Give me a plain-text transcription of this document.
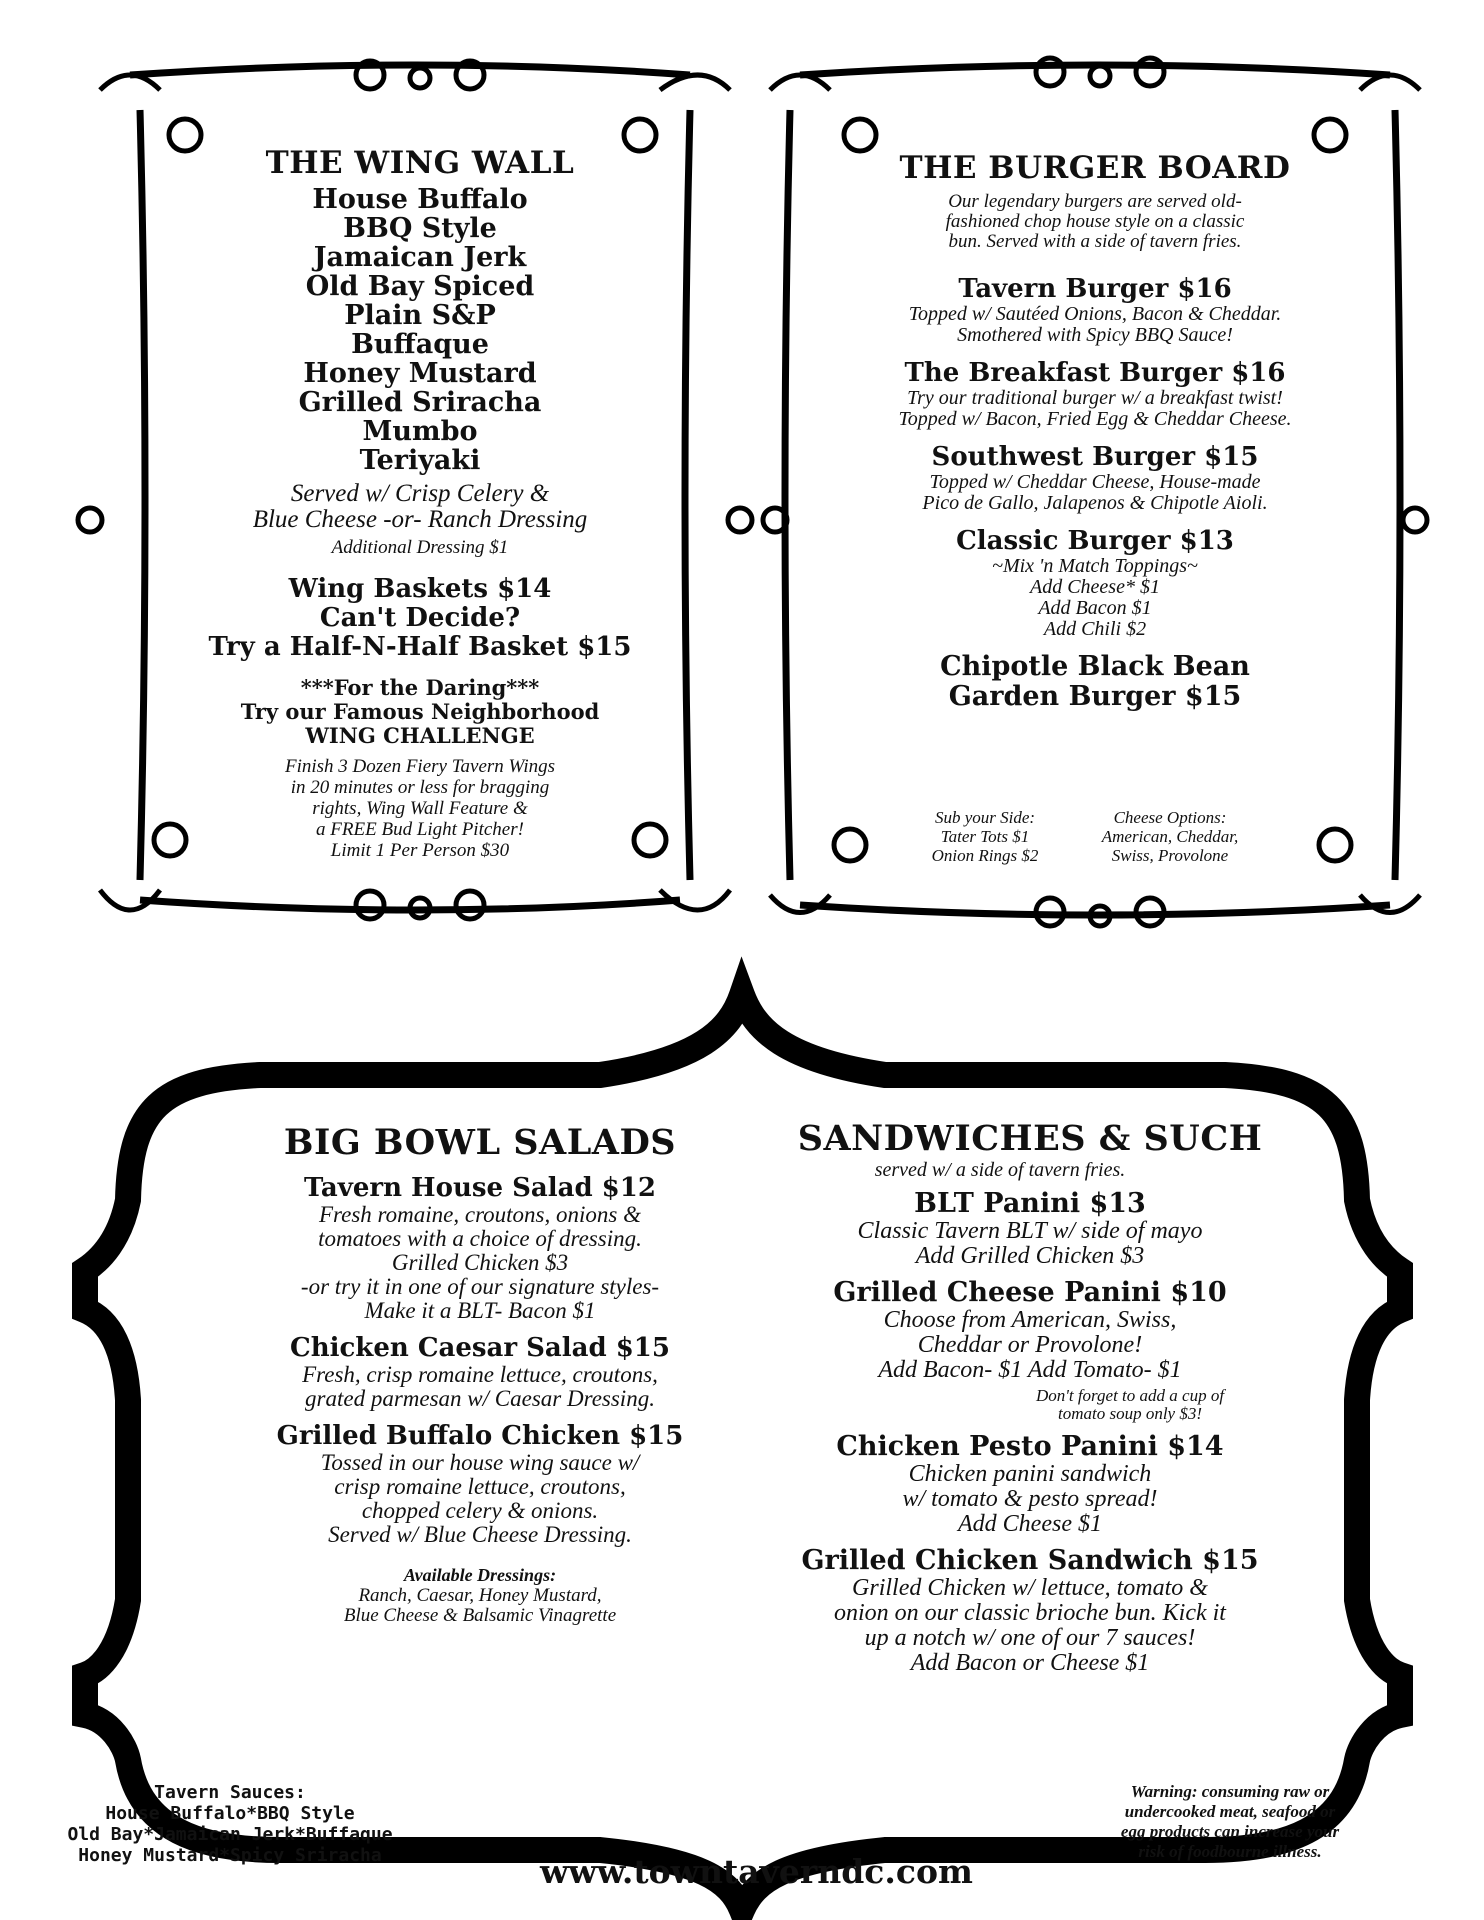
THE WING WALL
House Buffalo
BBQ Style
Jamaican Jerk
Old Bay Spiced
Plain S&P
Buffaque
Honey Mustard
Grilled Sriracha
Mumbo
Teriyaki
Served w/ Crisp Celery &
Blue Cheese -or- Ranch Dressing
Additional Dressing $1
Wing Baskets $14
Can't Decide?
Try a Half-N-Half Basket $15
***For the Daring***
Try our Famous Neighborhood
WING CHALLENGE
Finish 3 Dozen Fiery Tavern Wings
in 20 minutes or less for bragging
rights, Wing Wall Feature &
a FREE Bud Light Pitcher!
Limit 1 Per Person $30
THE BURGER BOARD
Our legendary burgers are served old-
fashioned chop house style on a classic
bun. Served with a side of tavern fries.
Tavern Burger $16
Topped w/ Sautéed Onions, Bacon & Cheddar.
Smothered with Spicy BBQ Sauce!
The Breakfast Burger $16
Try our traditional burger w/ a breakfast twist!
Topped w/ Bacon, Fried Egg & Cheddar Cheese.
Southwest Burger $15
Topped w/ Cheddar Cheese, House-made
Pico de Gallo, Jalapenos & Chipotle Aioli.
Classic Burger $13
~Mix 'n Match Toppings~
Add Cheese* $1
Add Bacon $1
Add Chili $2
Chipotle Black Bean
Garden Burger $15
Sub your Side:
Tater Tots $1
Onion Rings $2
Cheese Options:
American, Cheddar,
Swiss, Provolone
BIG BOWL SALADS
Tavern House Salad $12
Fresh romaine, croutons, onions &
tomatoes with a choice of dressing.
Grilled Chicken $3
-or try it in one of our signature styles-
Make it a BLT- Bacon $1
Chicken Caesar Salad $15
Fresh, crisp romaine lettuce, croutons,
grated parmesan w/ Caesar Dressing.
Grilled Buffalo Chicken $15
Tossed in our house wing sauce w/
crisp romaine lettuce, croutons,
chopped celery & onions.
Served w/ Blue Cheese Dressing.
Available Dressings:
Ranch, Caesar, Honey Mustard,
Blue Cheese & Balsamic Vinagrette
SANDWICHES & SUCH
served w/ a side of tavern fries.
BLT Panini $13
Classic Tavern BLT w/ side of mayo
Add Grilled Chicken $3
Grilled Cheese Panini $10
Choose from American, Swiss,
Cheddar or Provolone!
Add Bacon- $1 Add Tomato- $1
Don't forget to add a cup of
tomato soup only $3!
Chicken Pesto Panini $14
Chicken panini sandwich
w/ tomato & pesto spread!
Add Cheese $1
Grilled Chicken Sandwich $15
Grilled Chicken w/ lettuce, tomato &
onion on our classic brioche bun. Kick it
up a notch w/ one of our 7 sauces!
Add Bacon or Cheese $1
Tavern Sauces:
House Buffalo*BBQ Style
Old Bay*Jamaican Jerk*Buffaque
Honey Mustard*Spicy Sriracha	www.towntaverndc.com
Warning: consuming raw or
undercooked meat, seafood or
egg products can increase your
risk of foodbourne illness.
